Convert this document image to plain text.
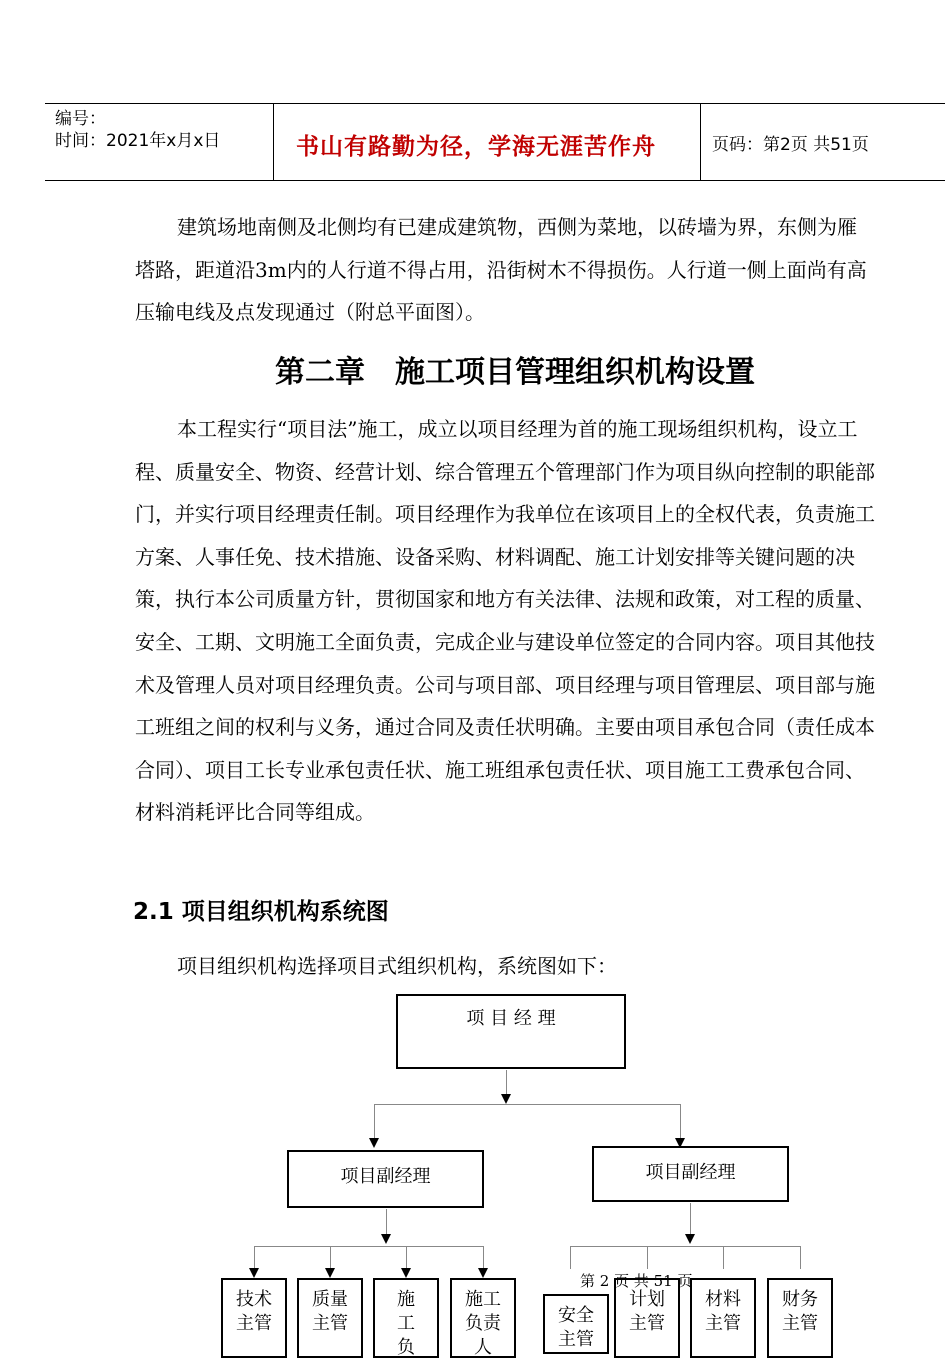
编号：
时间：2021年x月x日	书山有路勤为径，学海无涯苦作舟	页码：第2页 共51页

建筑场地南侧及北侧均有已建成建筑物，西侧为菜地，以砖墙为界，东侧为雁塔路，距道沿3m内的人行道不得占用，沿街树木不得损伤。人行道一侧上面尚有高压输电线及点发现通过（附总平面图）。

第二章　施工项目管理组织机构设置

本工程实行“项目法”施工，成立以项目经理为首的施工现场组织机构，设立工程、质量安全、物资、经营计划、综合管理五个管理部门作为项目纵向控制的职能部门，并实行项目经理责任制。项目经理作为我单位在该项目上的全权代表，负责施工方案、人事任免、技术措施、设备采购、材料调配、施工计划安排等关键问题的决策，执行本公司质量方针，贯彻国家和地方有关法律、法规和政策，对工程的质量、安全、工期、文明施工全面负责，完成企业与建设单位签定的合同内容。项目其他技术及管理人员对项目经理负责。公司与项目部、项目经理与项目管理层、项目部与施工班组之间的权利与义务，通过合同及责任状明确。主要由项目承包合同（责任成本合同）、项目工长专业承包责任状、施工班组承包责任状、项目施工工费承包合同、材料消耗评比合同等组成。

2.1 项目组织机构系统图
项目组织机构选择项目式组织机构，系统图如下：
项 目 经 理
项目副经理	项目副经理
技术主管
质量主管
施工负
施工负责人
安全主管
计划主管
材料主管
财务主管
第 2 页 共 51 页
